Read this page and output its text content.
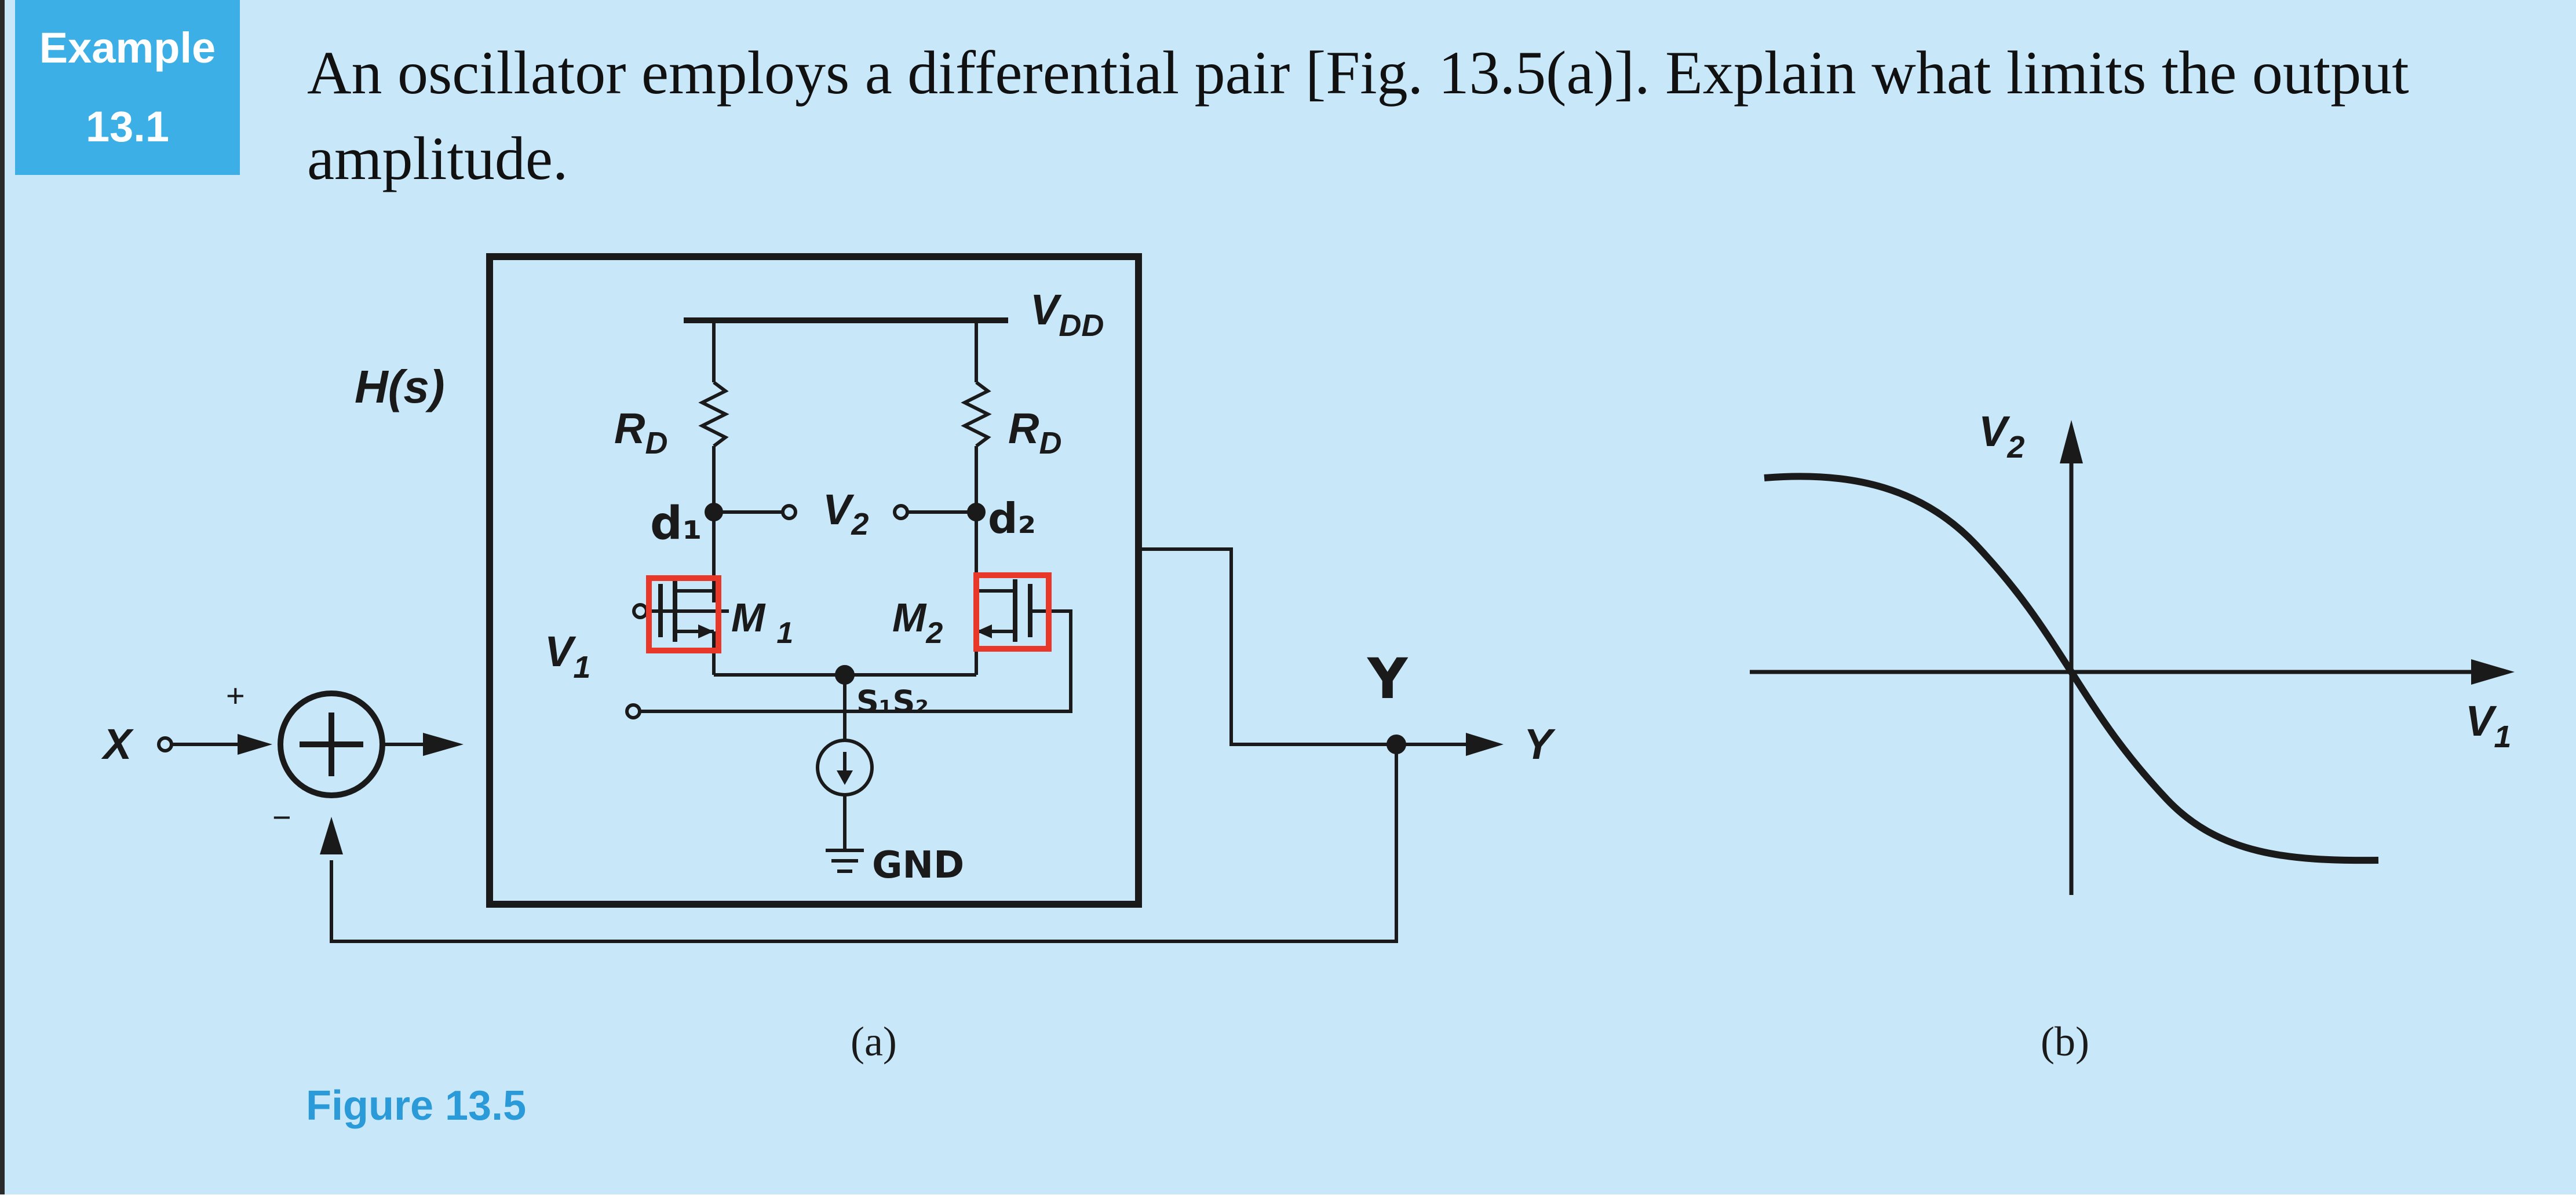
Example
13.1

An oscillator employs a differential pair [Fig. 13.5(a)]. Explain what limits the output amplitude.

H(s)
$V_{DD}$
$R_D$	$R_D$
$V_2$
$V_1$
M $_1$ $M_2$
d₁	d₂
S₁S₂
GND
Y
X	Y
+
−
(a)
$V_2$
$V_1$
(b)
Figure 13.5
